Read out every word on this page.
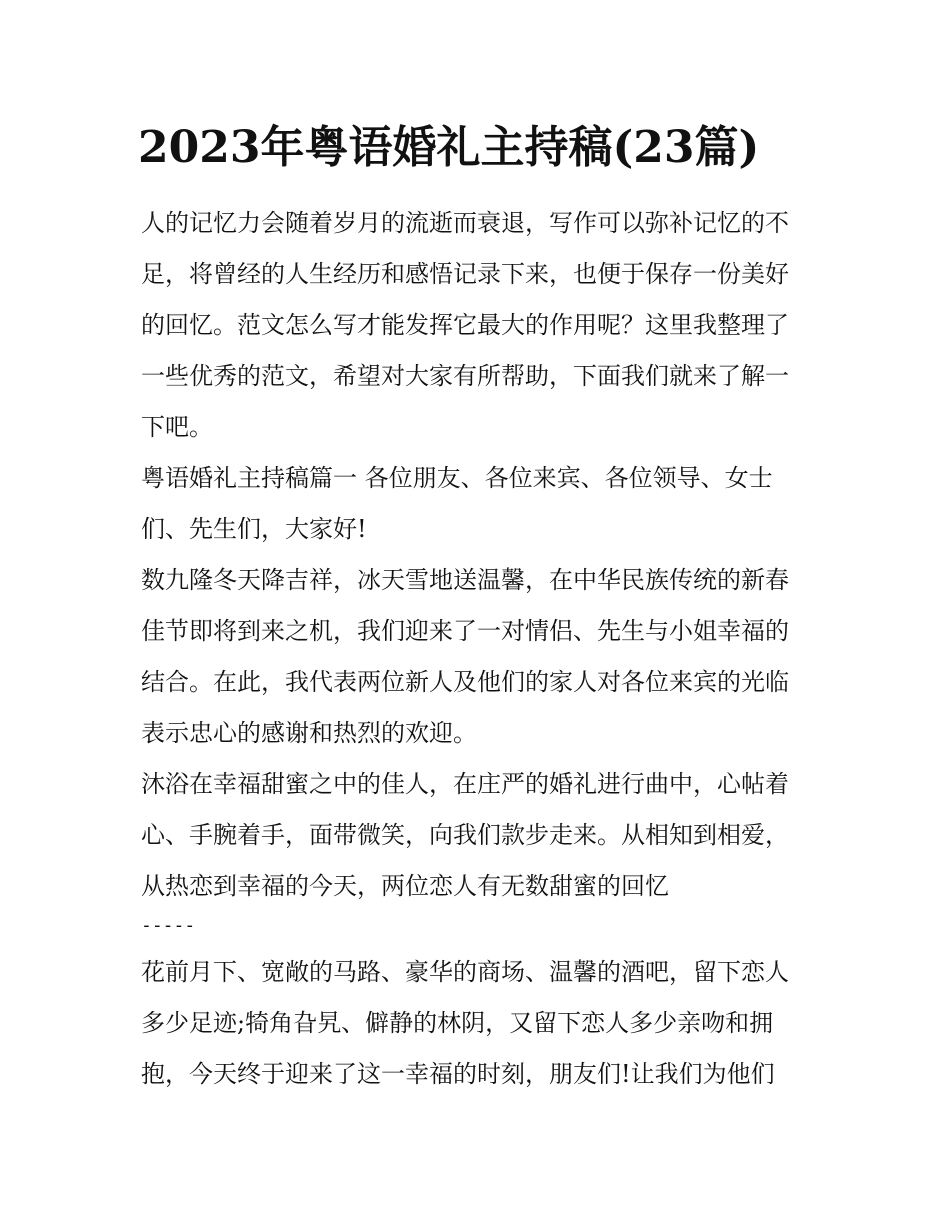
2023年粤语婚礼主持稿(23篇)
人的记忆力会随着岁月的流逝而衰退，写作可以弥补记忆的不
足，将曾经的人生经历和感悟记录下来，也便于保存一份美好
的回忆。范文怎么写才能发挥它最大的作用呢？这里我整理了
一些优秀的范文，希望对大家有所帮助，下面我们就来了解一
下吧。
粤语婚礼主持稿篇一 各位朋友、各位来宾、各位领导、女士
们、先生们，大家好!
数九隆冬天降吉祥，冰天雪地送温馨，在中华民族传统的新春
佳节即将到来之机，我们迎来了一对情侣、先生与小姐幸福的
结合。在此，我代表两位新人及他们的家人对各位来宾的光临
表示忠心的感谢和热烈的欢迎。
沐浴在幸福甜蜜之中的佳人，在庄严的婚礼进行曲中，心帖着
心、手腕着手，面带微笑，向我们款步走来。从相知到相爱，
从热恋到幸福的今天，两位恋人有无数甜蜜的回忆
-----
花前月下、宽敞的马路、豪华的商场、温馨的酒吧，留下恋人
多少足迹;犄角旮旯、僻静的林阴，又留下恋人多少亲吻和拥
抱，今天终于迎来了这一幸福的时刻，朋友们!让我们为他们
